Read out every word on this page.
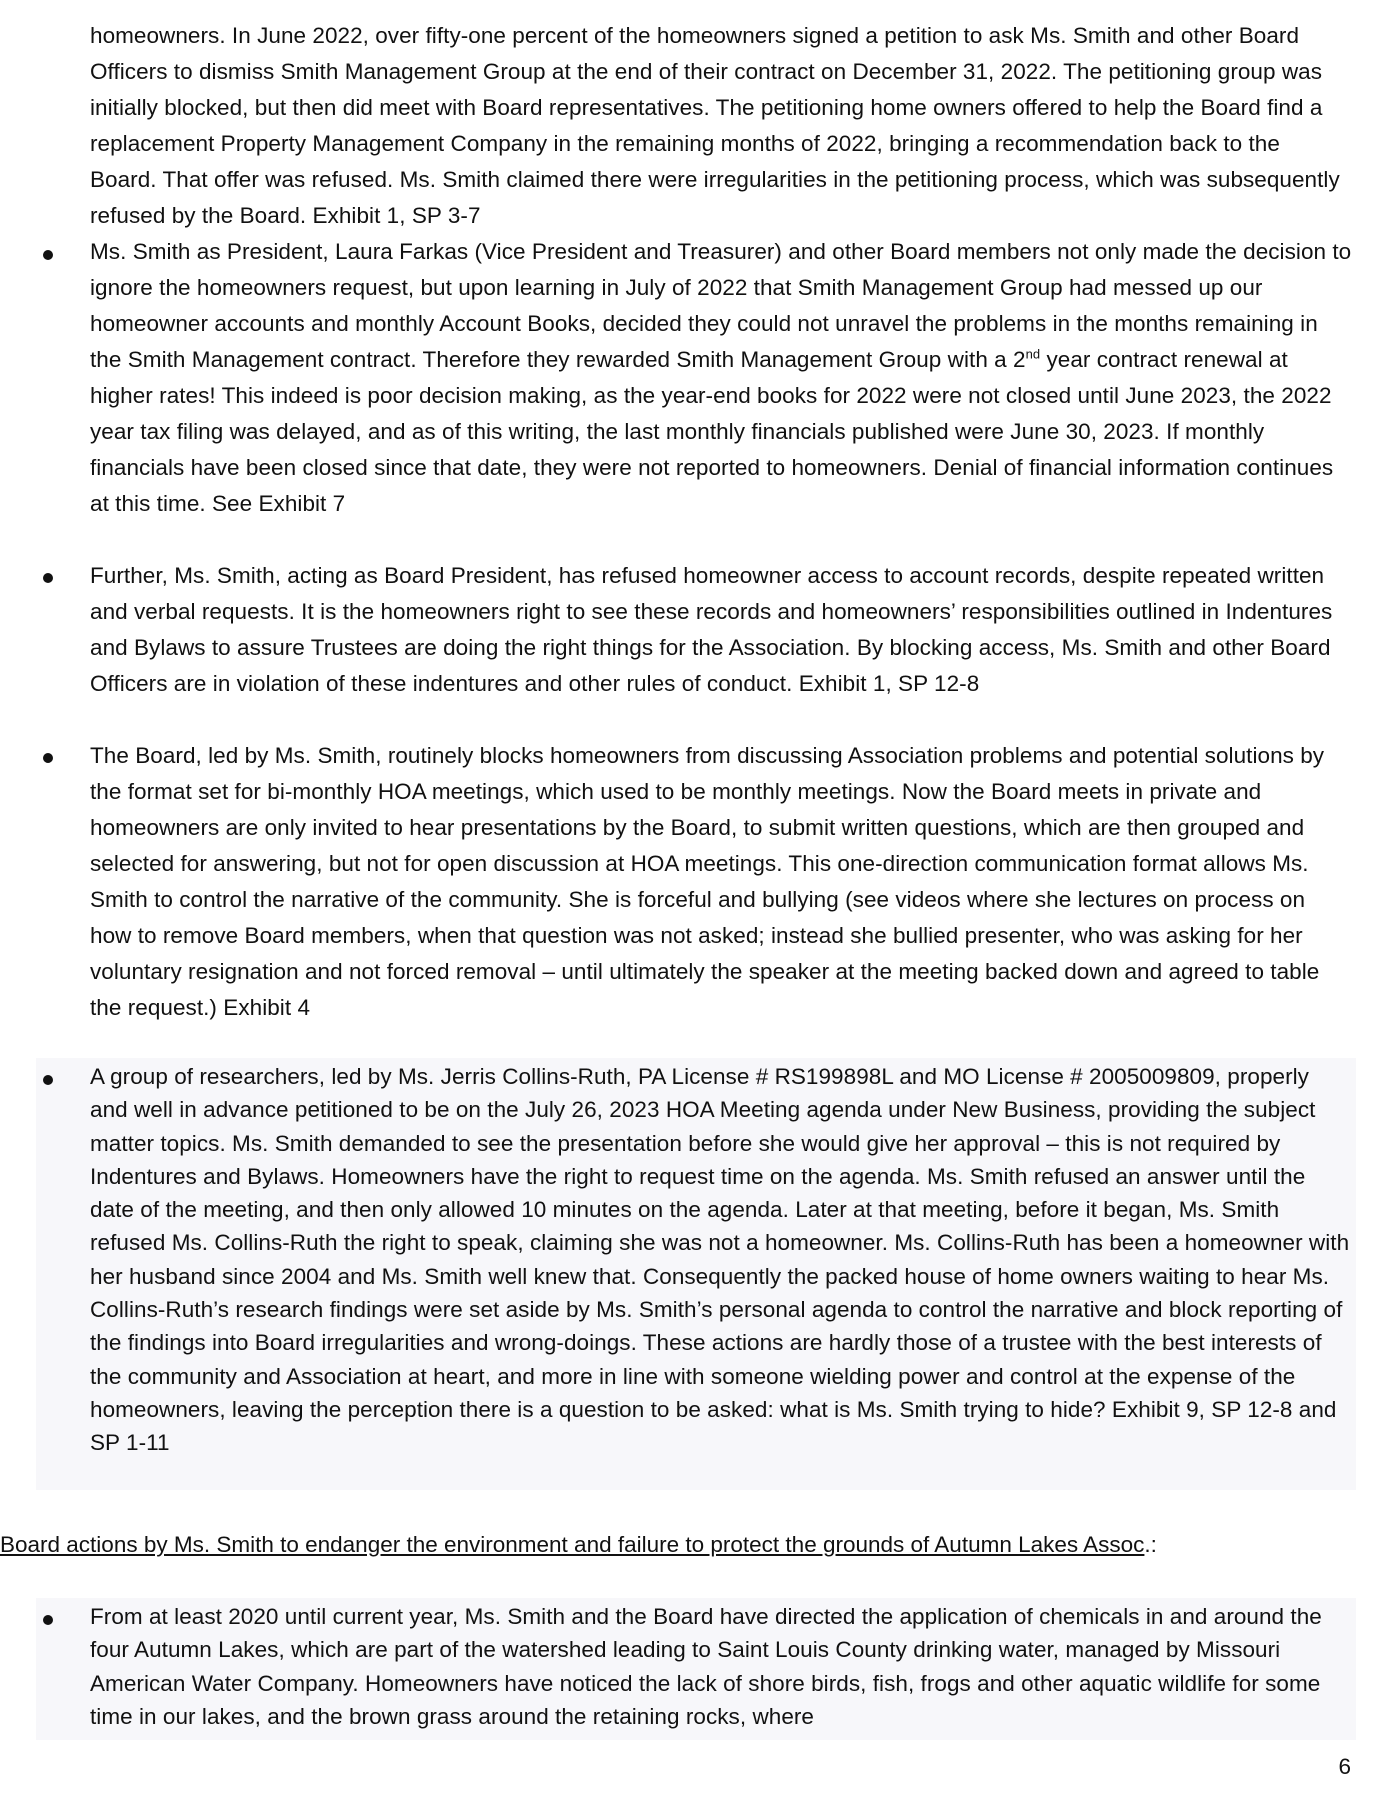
homeowners. In June 2022, over fifty-one percent of the homeowners signed a petition to ask Ms. Smith and other Board Officers to dismiss Smith Management Group at the end of their contract on December 31, 2022. The petitioning group was initially blocked, but then did meet with Board representatives. The petitioning home owners offered to help the Board find a replacement Property Management Company in the remaining months of 2022, bringing a recommendation back to the Board. That offer was refused. Ms. Smith claimed there were irregularities in the petitioning process, which was subsequently refused by the Board. Exhibit 1, SP 3-7
Ms. Smith as President, Laura Farkas (Vice President and Treasurer) and other Board members not only made the decision to ignore the homeowners request, but upon learning in July of 2022 that Smith Management Group had messed up our homeowner accounts and monthly Account Books, decided they could not unravel the problems in the months remaining in the Smith Management contract. Therefore they rewarded Smith Management Group with a 2nd year contract renewal at higher rates! This indeed is poor decision making, as the year-end books for 2022 were not closed until June 2023, the 2022 year tax filing was delayed, and as of this writing, the last monthly financials published were June 30, 2023. If monthly financials have been closed since that date, they were not reported to homeowners. Denial of financial information continues at this time. See Exhibit 7
Further, Ms. Smith, acting as Board President, has refused homeowner access to account records, despite repeated written and verbal requests. It is the homeowners right to see these records and homeowners’ responsibilities outlined in Indentures and Bylaws to assure Trustees are doing the right things for the Association. By blocking access, Ms. Smith and other Board Officers are in violation of these indentures and other rules of conduct. Exhibit 1, SP 12-8
The Board, led by Ms. Smith, routinely blocks homeowners from discussing Association problems and potential solutions by the format set for bi-monthly HOA meetings, which used to be monthly meetings. Now the Board meets in private and homeowners are only invited to hear presentations by the Board, to submit written questions, which are then grouped and selected for answering, but not for open discussion at HOA meetings. This one-direction communication format allows Ms. Smith to control the narrative of the community. She is forceful and bullying (see videos where she lectures on process on how to remove Board members, when that question was not asked; instead she bullied presenter, who was asking for her voluntary resignation and not forced removal – until ultimately the speaker at the meeting backed down and agreed to table the request.) Exhibit 4
A group of researchers, led by Ms. Jerris Collins-Ruth, PA License # RS199898L and MO License # 2005009809, properly and well in advance petitioned to be on the July 26, 2023 HOA Meeting agenda under New Business, providing the subject matter topics. Ms. Smith demanded to see the presentation before she would give her approval – this is not required by Indentures and Bylaws. Homeowners have the right to request time on the agenda. Ms. Smith refused an answer until the date of the meeting, and then only allowed 10 minutes on the agenda. Later at that meeting, before it began, Ms. Smith refused Ms. Collins-Ruth the right to speak, claiming she was not a homeowner. Ms. Collins-Ruth has been a homeowner with her husband since 2004 and Ms. Smith well knew that. Consequently the packed house of home owners waiting to hear Ms. Collins-Ruth’s research findings were set aside by Ms. Smith’s personal agenda to control the narrative and block reporting of the findings into Board irregularities and wrong-doings. These actions are hardly those of a trustee with the best interests of the community and Association at heart, and more in line with someone wielding power and control at the expense of the homeowners, leaving the perception there is a question to be asked: what is Ms. Smith trying to hide? Exhibit 9, SP 12-8 and SP 1-11
Board actions by Ms. Smith to endanger the environment and failure to protect the grounds of Autumn Lakes Assoc.:
From at least 2020 until current year, Ms. Smith and the Board have directed the application of chemicals in and around the four Autumn Lakes, which are part of the watershed leading to Saint Louis County drinking water, managed by Missouri American Water Company. Homeowners have noticed the lack of shore birds, fish, frogs and other aquatic wildlife for some time in our lakes, and the brown grass around the retaining rocks, where
6
